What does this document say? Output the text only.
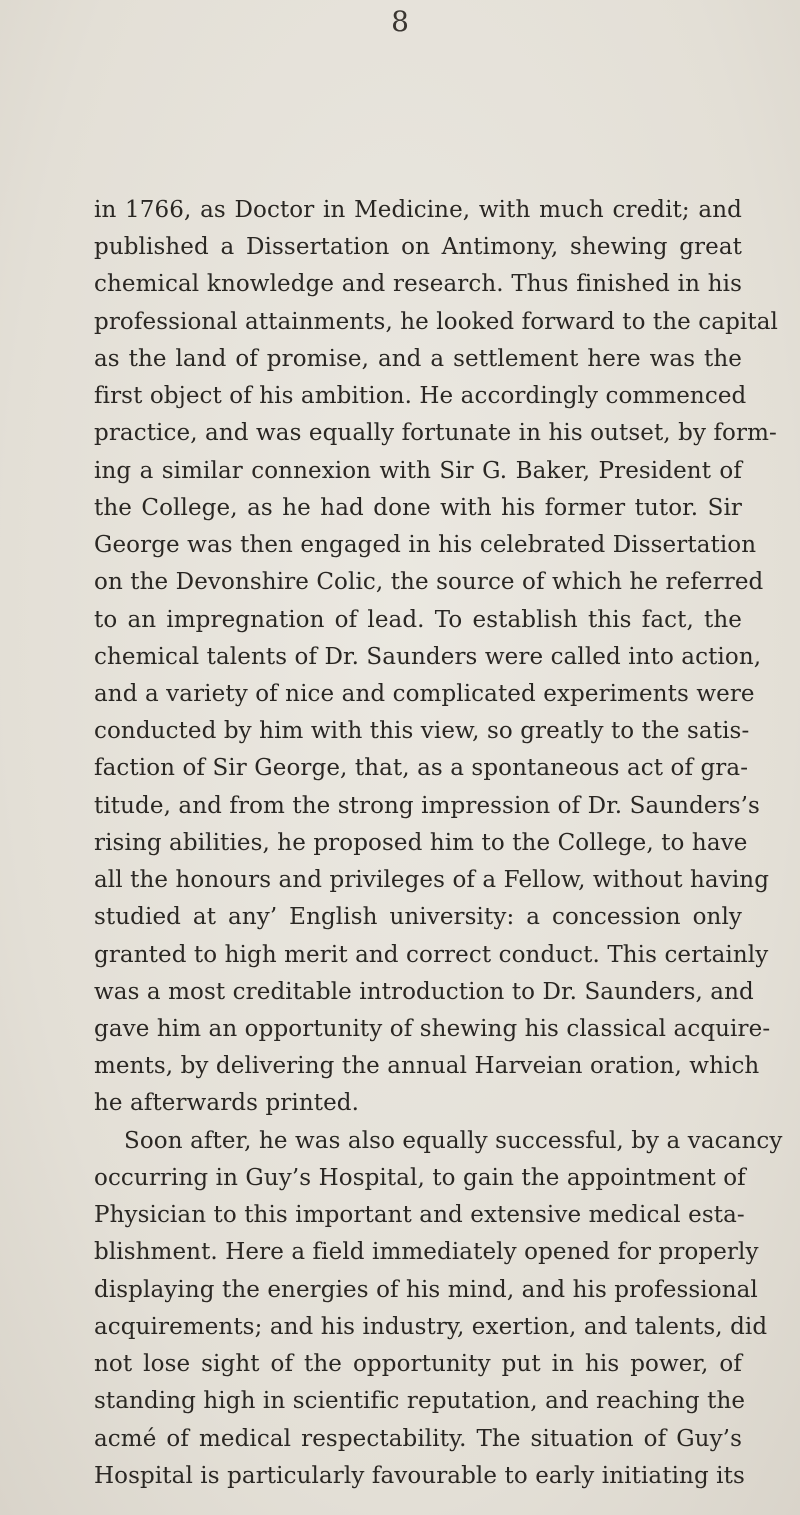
8
in 1766, as Doctor in Medicine, with much credit; and
published a Dissertation on Antimony, shewing great
chemical knowledge and research. Thus finished in his
professional attainments, he looked forward to the capital
as the land of promise, and a settlement here was the
first object of his ambition. He accordingly commenced
practice, and was equally fortunate in his outset, by form-
ing a similar connexion with Sir G. Baker, President of
the College, as he had done with his former tutor. Sir
George was then engaged in his celebrated Dissertation
on the Devonshire Colic, the source of which he referred
to an impregnation of lead. To establish this fact, the
chemical talents of Dr. Saunders were called into action,
and a variety of nice and complicated experiments were
conducted by him with this view, so greatly to the satis-
faction of Sir George, that, as a spontaneous act of gra-
titude, and from the strong impression of Dr. Saunders’s
rising abilities, he proposed him to the College, to have
all the honours and privileges of a Fellow, without having
studied at any’ English university: a concession only
granted to high merit and correct conduct. This certainly
was a most creditable introduction to Dr. Saunders, and
gave him an opportunity of shewing his classical acquire-
ments, by delivering the annual Harveian oration, which
he afterwards printed.
Soon after, he was also equally successful, by a vacancy
occurring in Guy’s Hospital, to gain the appointment of
Physician to this important and extensive medical esta-
blishment. Here a field immediately opened for properly
displaying the energies of his mind, and his professional
acquirements; and his industry, exertion, and talents, did
not lose sight of the opportunity put in his power, of
standing high in scientific reputation, and reaching the
acmé of medical respectability. The situation of Guy’s
Hospital is particularly favourable to early initiating its
